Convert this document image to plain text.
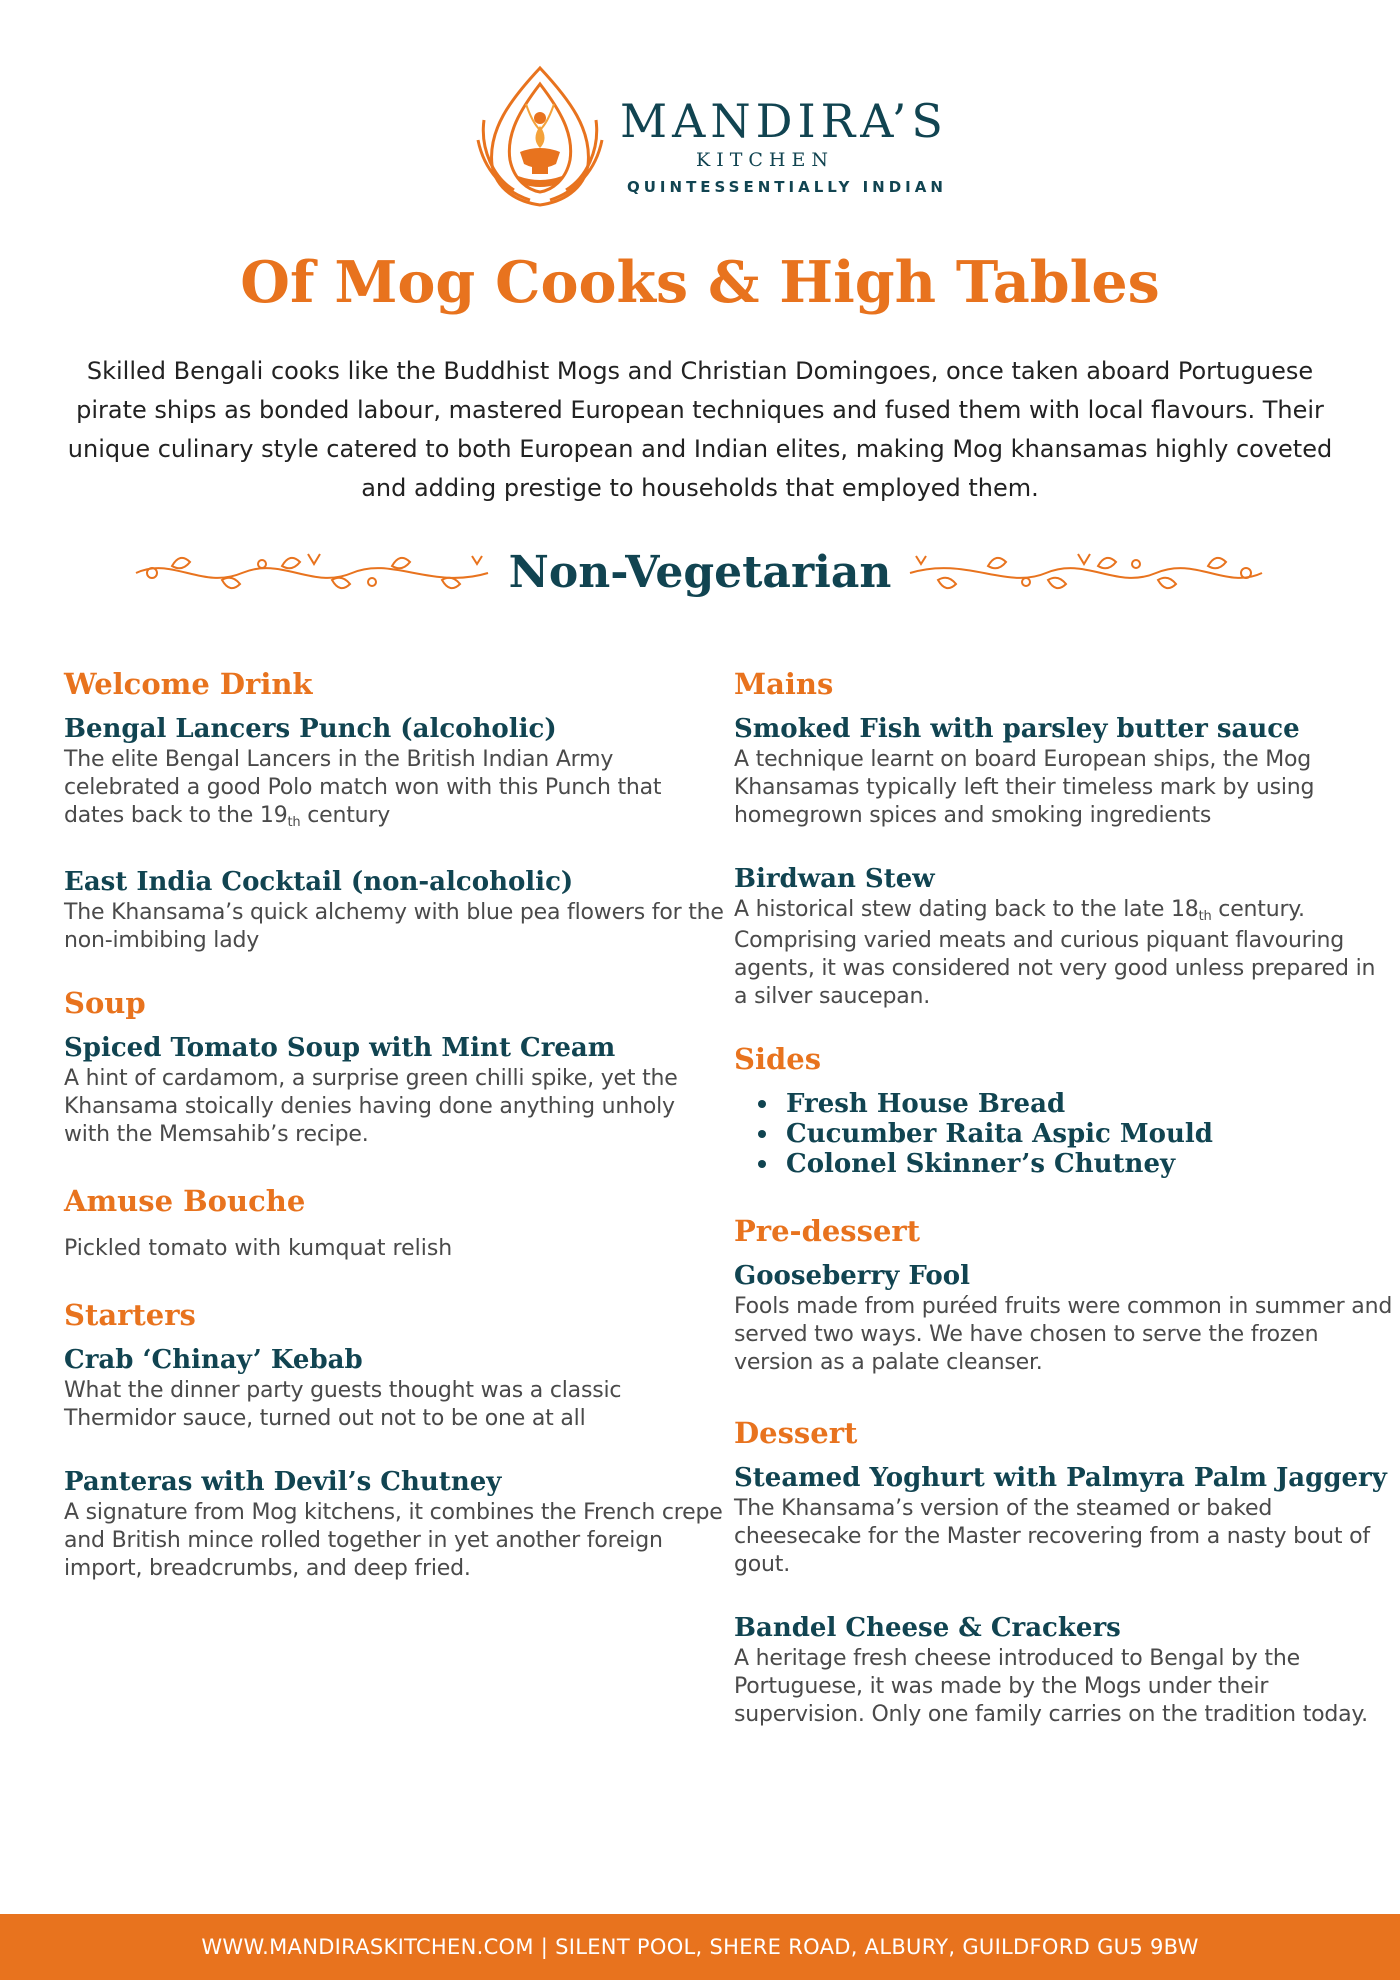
MANDIRA’S
KITCHEN
QUINTESSENTIALLY INDIAN
Of Mog Cooks & High Tables

Skilled Bengali cooks like the Buddhist Mogs and Christian Domingoes, once taken aboard Portuguese pirate ships as bonded labour, mastered European techniques and fused them with local flavours. Their unique culinary style catered to both European and Indian elites, making Mog khansamas highly coveted and adding prestige to households that employed them.

Non-Vegetarian
Welcome Drink
Bengal Lancers Punch (alcoholic)

The elite Bengal Lancers in the British Indian Army celebrated a good Polo match won with this Punch that dates back to the 19th century

East India Cocktail (non-alcoholic)

The Khansama’s quick alchemy with blue pea flowers for the non-imbibing lady

Soup
Spiced Tomato Soup with Mint Cream

A hint of cardamom, a surprise green chilli spike, yet the Khansama stoically denies having done anything unholy with the Memsahib’s recipe.

Amuse Bouche

Pickled tomato with kumquat relish

Starters
Crab ‘Chinay’ Kebab

What the dinner party guests thought was a classic Thermidor sauce, turned out not to be one at all

Panteras with Devil’s Chutney

A signature from Mog kitchens, it combines the French crepe and British mince rolled together in yet another foreign import, breadcrumbs, and deep fried.

Mains
Smoked Fish with parsley butter sauce

A technique learnt on board European ships, the Mog Khansamas typically left their timeless mark by using homegrown spices and smoking ingredients

Birdwan Stew

A historical stew dating back to the late 18th century. Comprising varied meats and curious piquant flavouring agents, it was considered not very good unless prepared in a silver saucepan.

Sides
Fresh House Bread
Cucumber Raita Aspic Mould
Colonel Skinner’s Chutney
Pre-dessert
Gooseberry Fool

Fools made from puréed fruits were common in summer and served two ways. We have chosen to serve the frozen version as a palate cleanser.

Dessert
Steamed Yoghurt with Palmyra Palm Jaggery

The Khansama’s version of the steamed or baked cheesecake for the Master recovering from a nasty bout of gout.

Bandel Cheese & Crackers

A heritage fresh cheese introduced to Bengal by the Portuguese, it was made by the Mogs under their supervision. Only one family carries on the tradition today.

WWW.MANDIRASKITCHEN.COM | SILENT POOL, SHERE ROAD, ALBURY, GUILDFORD GU5 9BW
